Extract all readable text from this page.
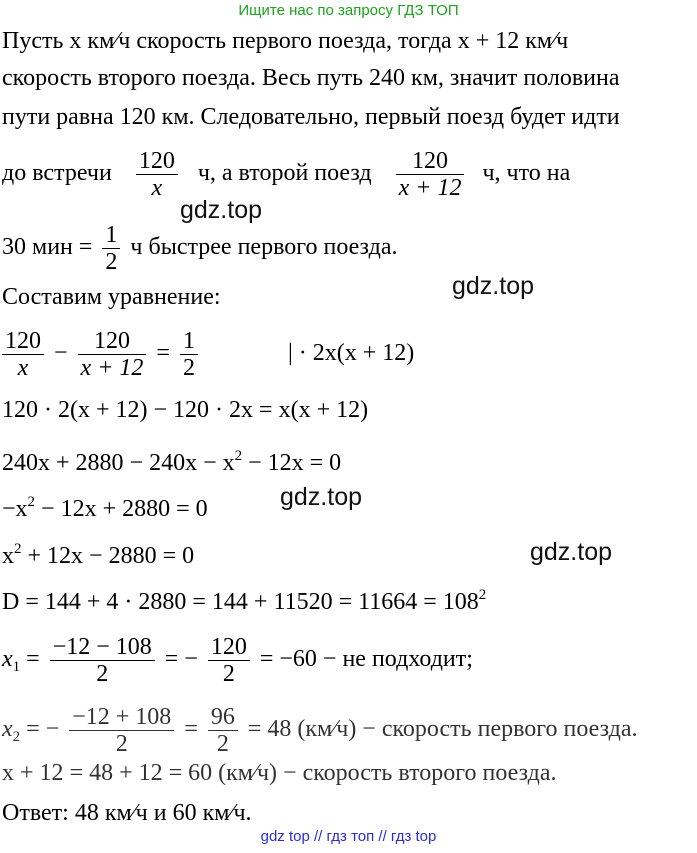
Ищите нас по запросу ГДЗ ТОП
Пусть x км⁄ч скорость первого поезда, тогда x + 12 км⁄ч
скорость второго поезда. Весь путь 240 км, значит половина
пути равна 120 км. Следовательно, первый поезд будет идти
до встречи $\frac{120}{x} ч$, а второй поезд $\frac{120}{x + 12} ч$, что на
gdz.top
30 мин = $\frac{1}{2}$ ч быстрее первого поезда.
Составим уравнение:	gdz.top
$\frac{120}{x} - \frac{120}{x + 12} = \frac{1}{2}$	| · 2x(x + 12)
120 · 2(x + 12) − 120 · 2x = x(x + 12)
$240x + 2880 - 240x - x^2 - 12x = 0$
$-x^2 - 12x + 2880 = 0$	gdz.top
$x^2 + 12x - 2880 = 0$	gdz.top
$D = 144 + 4 \cdot 2880 = 144 + 11520 = 11664 = 108^2$
$x_1 = \frac{-12 - 108}{2}$ = − $\frac{120}{2} = -60$ − не подходит;
$x_2$ = − $\frac{-12 + 108}{2} = \frac{96}{2} = 48$ (км⁄ч) − скорость первого поезда.
x + 12 = 48 + 12 = 60 (км⁄ч) − скорость второго поезда.
Ответ: 48 км⁄ч и 60 км⁄ч.
gdz top // гдз топ // гдз top
